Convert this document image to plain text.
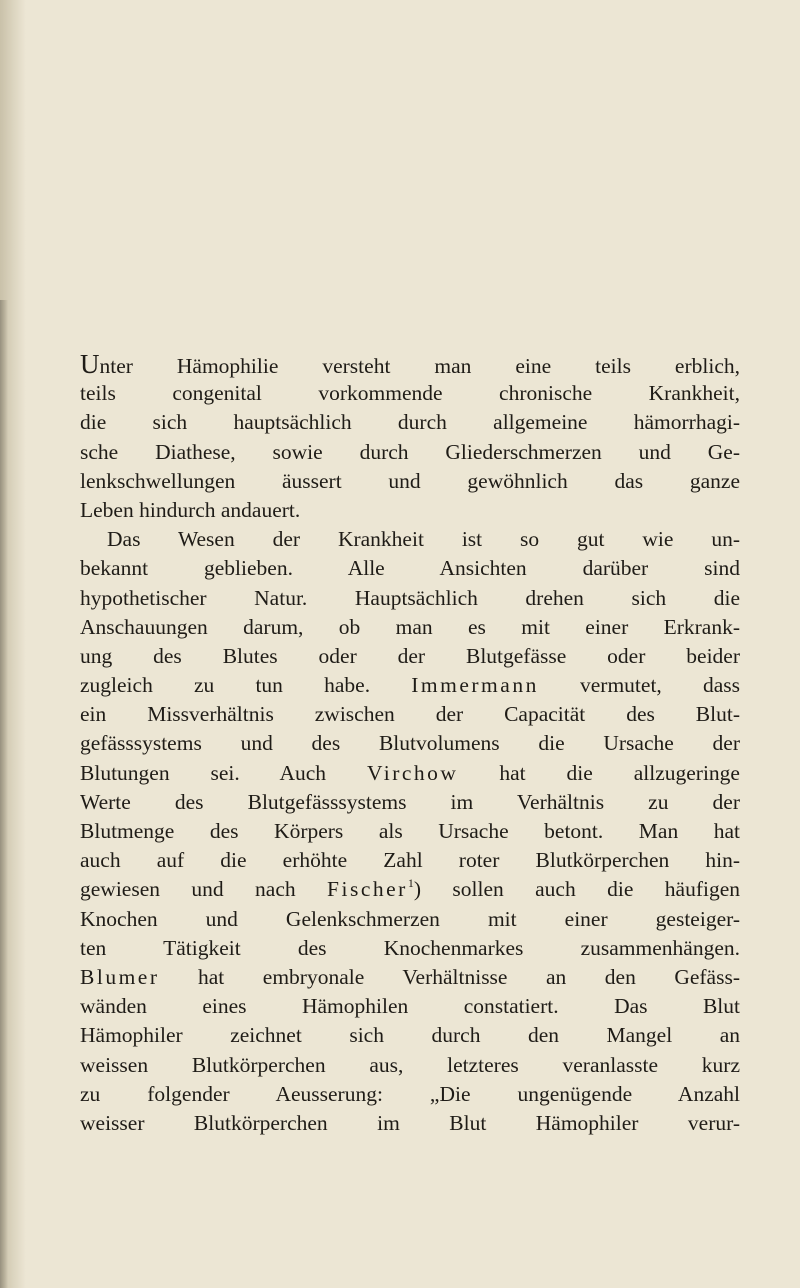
Unter Hämophilie versteht man eine teils erblich,
teils congenital vorkommende chronische Krankheit,
die sich hauptsächlich durch allgemeine hämorrhagi-
sche Diathese, sowie durch Gliederschmerzen und Ge-
lenkschwellungen äussert und gewöhnlich das ganze
Leben hindurch andauert.
Das Wesen der Krankheit ist so gut wie un-
bekannt geblieben. Alle Ansichten darüber sind
hypothetischer Natur. Hauptsächlich drehen sich die
Anschauungen darum, ob man es mit einer Erkrank-
ung des Blutes oder der Blutgefässe oder beider
zugleich zu tun habe. Immermann vermutet, dass
ein Missverhältnis zwischen der Capacität des Blut-
gefässsystems und des Blutvolumens die Ursache der
Blutungen sei. Auch Virchow hat die allzugeringe
Werte des Blutgefässsystems im Verhältnis zu der
Blutmenge des Körpers als Ursache betont. Man hat
auch auf die erhöhte Zahl roter Blutkörperchen hin-
gewiesen und nach Fischer$^1$) sollen auch die häufigen
Knochen und Gelenkschmerzen mit einer gesteiger-
ten Tätigkeit des Knochenmarkes zusammenhängen.
Blumer hat embryonale Verhältnisse an den Gefäss-
wänden eines Hämophilen constatiert. Das Blut
Hämophiler zeichnet sich durch den Mangel an
weissen Blutkörperchen aus, letzteres veranlasste kurz
zu folgender Aeusserung: „Die ungenügende Anzahl
weisser Blutkörperchen im Blut Hämophiler verur-
